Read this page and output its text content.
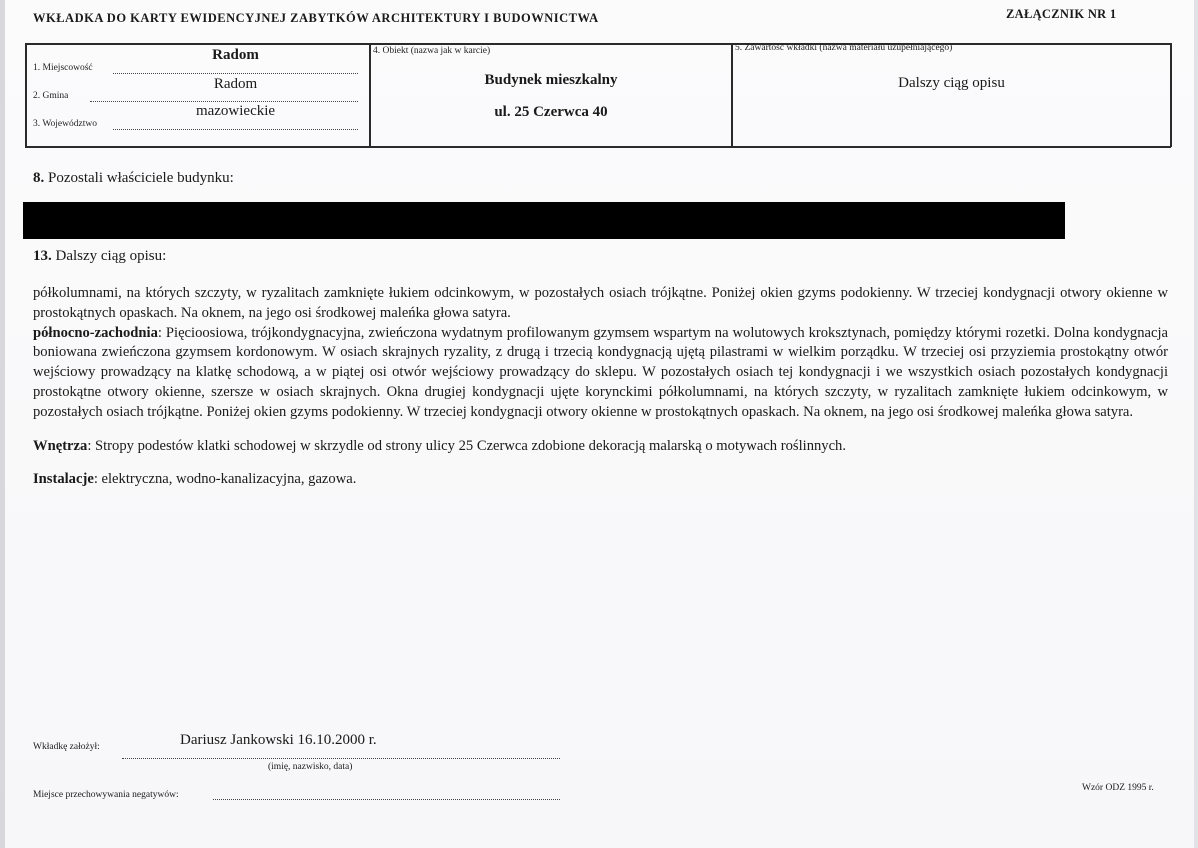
WKŁADKA DO KARTY EWIDENCYJNEJ ZABYTKÓW ARCHITEKTURY I BUDOWNICTWA	ZAŁĄCZNIK NR 1
1. Miejscowość
Radom
2. Gmina
Radom
3. Województwo
mazowieckie
4. Obiekt (nazwa jak w karcie)
Budynek mieszkalny
ul. 25 Czerwca 40
5. Zawartość wkładki (nazwa materiału uzupełniającego)
Dalszy ciąg opisu
8. Pozostali właściciele budynku:
13. Dalszy ciąg opisu:

półkolumnami, na których szczyty, w ryzalitach zamknięte łukiem odcinkowym, w pozostałych osiach trójkątne. Poniżej okien gzyms podokienny. W trzeciej kondygnacji otwory okienne w prostokątnych opaskach. Na oknem, na jego osi środkowej maleńka głowa satyra.

północno-zachodnia: Pięcioosiowa, trójkondygnacyjna, zwieńczona wydatnym profilowanym gzymsem wspartym na wolutowych kroksztynach, pomiędzy którymi rozetki. Dolna kondygnacja boniowana zwieńczona gzymsem kordonowym. W osiach skrajnych ryzality, z drugą i trzecią kondygnacją ujętą pilastrami w wielkim porządku. W trzeciej osi przyziemia prostokątny otwór wejściowy prowadzący na klatkę schodową, a w piątej osi otwór wejściowy prowadzący do sklepu. W pozostałych osiach tej kondygnacji i we wszystkich osiach pozostałych kondygnacji prostokątne otwory okienne, szersze w osiach skrajnych. Okna drugiej kondygnacji ujęte korynckimi półkolumnami, na których szczyty, w ryzalitach zamknięte łukiem odcinkowym, w pozostałych osiach trójkątne. Poniżej okien gzyms podokienny. W trzeciej kondygnacji otwory okienne w prostokątnych opaskach. Na oknem, na jego osi środkowej maleńka głowa satyra.

Wnętrza: Stropy podestów klatki schodowej w skrzydle od strony ulicy 25 Czerwca zdobione dekoracją malarską o motywach roślinnych.

Instalacje: elektryczna, wodno-kanalizacyjna, gazowa.

Wkładkę założył:	Dariusz Jankowski 16.10.2000 r.
(imię, nazwisko, data)
Miejsce przechowywania negatywów:
Wzór ODZ 1995 r.
